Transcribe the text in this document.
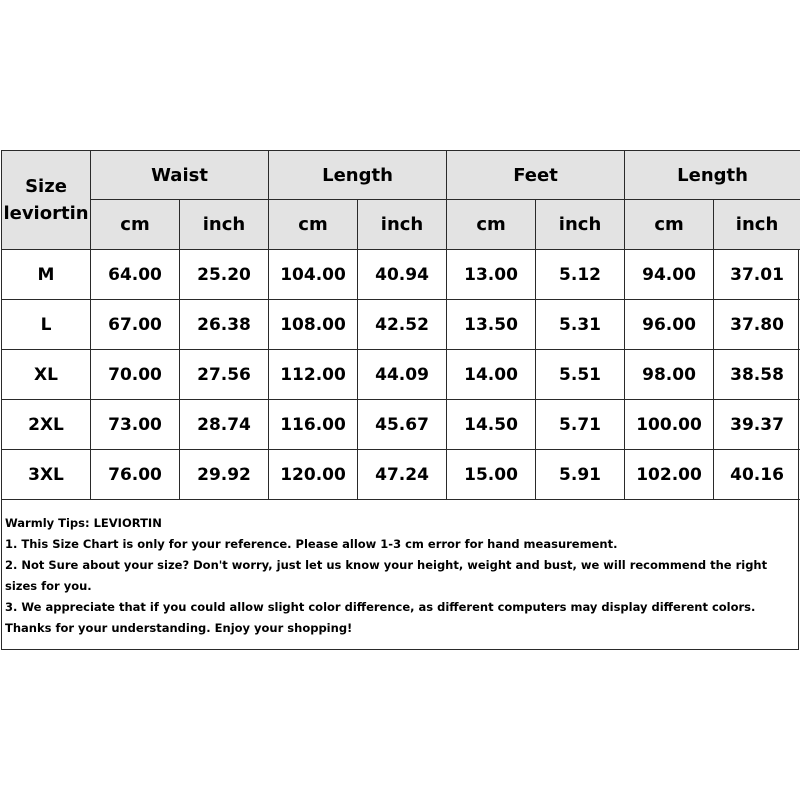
Size
leviortin	Waist		Length		Feet		Length	
	cm	inch	cm	inch	cm	inch	cm	inch
M	64.00	25.20	104.00	40.94	13.00	5.12	94.00	37.01
L	67.00	26.38	108.00	42.52	13.50	5.31	96.00	37.80
XL	70.00	27.56	112.00	44.09	14.00	5.51	98.00	38.58
2XL	73.00	28.74	116.00	45.67	14.50	5.71	100.00	39.37
3XL	76.00	29.92	120.00	47.24	15.00	5.91	102.00	40.16
Warmly Tips: LEVIORTIN
1. This Size Chart is only for your reference. Please allow 1-3 cm error for hand measurement.
2. Not Sure about your size? Don't worry, just let us know your height, weight and bust, we will recommend the right sizes for you.
3. We appreciate that if you could allow slight color difference, as different computers may display different colors.
Thanks for your understanding. Enjoy your shopping!
